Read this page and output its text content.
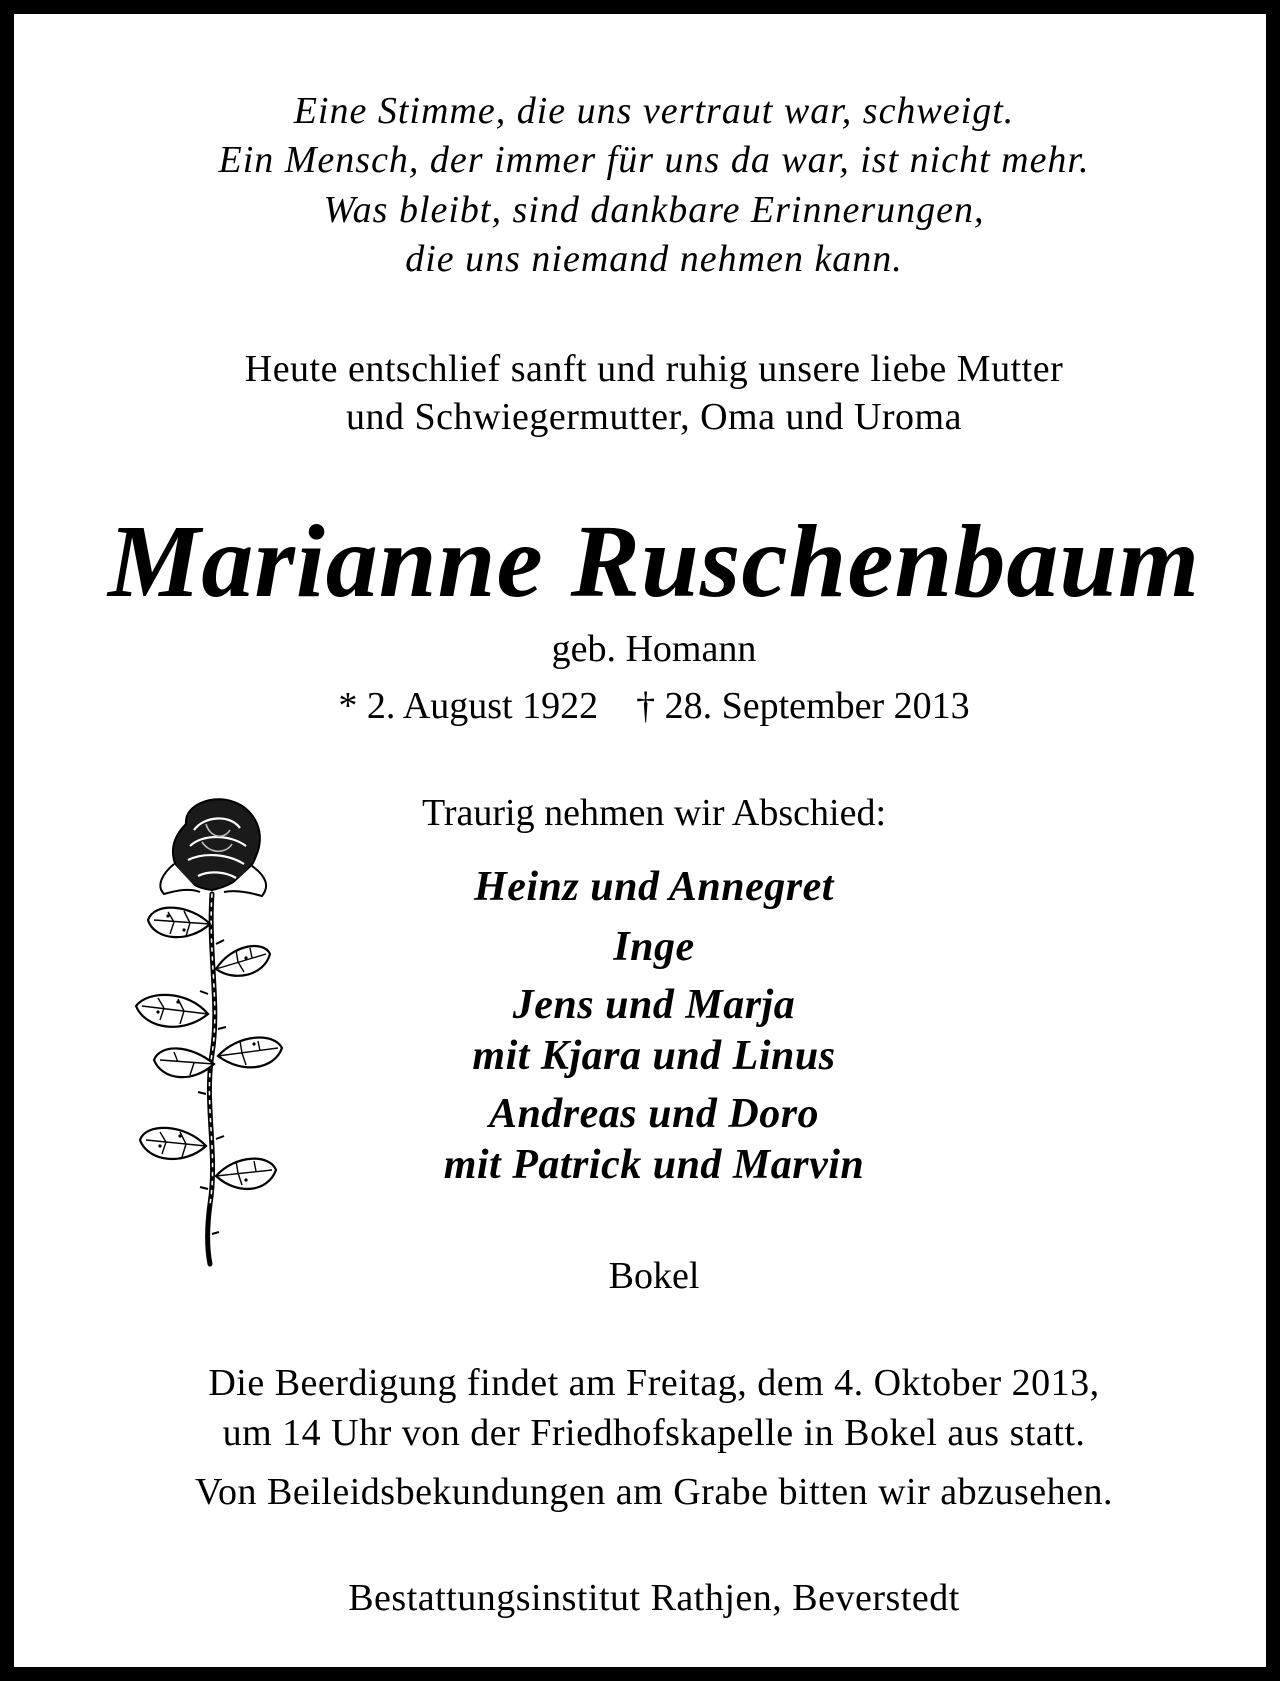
Eine Stimme, die uns vertraut war, schweigt.
Ein Mensch, der immer für uns da war, ist nicht mehr.
Was bleibt, sind dankbare Erinnerungen,
die uns niemand nehmen kann.
Heute entschlief sanft und ruhig unsere liebe Mutter
und Schwiegermutter, Oma und Uroma
Marianne Ruschenbaum
geb. Homann
* 2. August 1922 † 28. September 2013
Traurig nehmen wir Abschied:
Heinz und Annegret
Inge
Jens und Marja
mit Kjara und Linus
Andreas und Doro
mit Patrick und Marvin
Bokel
Die Beerdigung findet am Freitag, dem 4. Oktober 2013,
um 14 Uhr von der Friedhofskapelle in Bokel aus statt.
Von Beileidsbekundungen am Grabe bitten wir abzusehen.
Bestattungsinstitut Rathjen, Beverstedt
